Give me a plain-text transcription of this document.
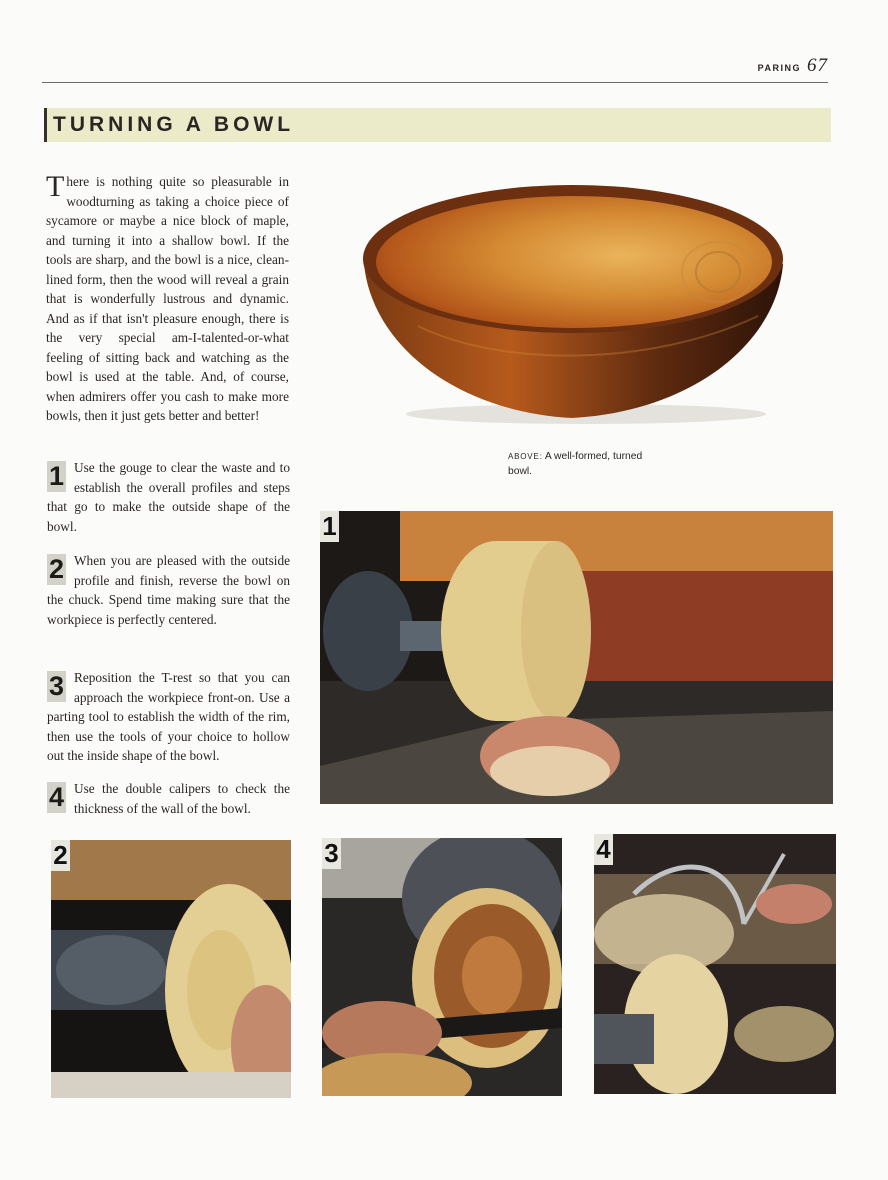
PARING 67
TURNING A BOWL

There is nothing quite so pleasurable in woodturning as taking a choice piece of sycamore or maybe a nice block of maple, and turning it into a shallow bowl. If the tools are sharp, and the bowl is a nice, clean-lined form, then the wood will reveal a grain that is wonderfully lustrous and dynamic. And as if that isn't pleasure enough, there is the very special am-I-talented-or-what feeling of sitting back and watching as the bowl is used at the table. And, of course, when admirers offer you cash to make more bowls, then it just gets better and better!

1 Use the gouge to clear the waste and to establish the overall profiles and steps that go to make the outside shape of the bowl.

2 When you are pleased with the outside profile and finish, reverse the bowl on the chuck. Spend time making sure that the workpiece is perfectly centered.

3 Reposition the T-rest so that you can approach the workpiece front-on. Use a parting tool to establish the width of the rim, then use the tools of your choice to hollow out the inside shape of the bowl.

4 Use the double calipers to check the thickness of the wall of the bowl.

ABOVE: A well-formed, turned bowl.
1
2	3	4
